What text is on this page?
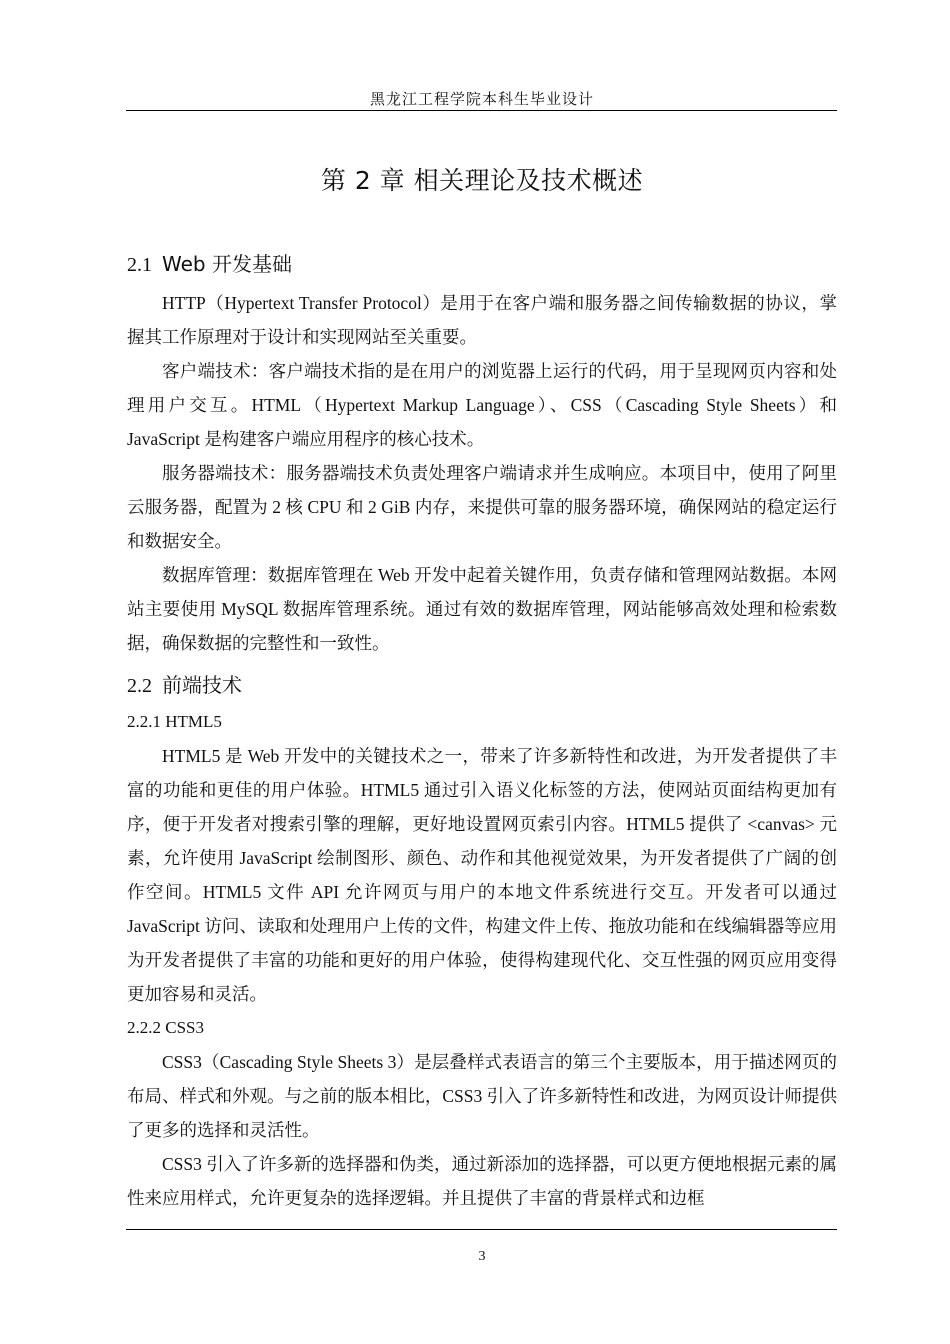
黑龙江工程学院本科生毕业设计
第 2 章 相关理论及技术概述
2.1 Web 开发基础

HTTP（Hypertext Transfer Protocol）是用于在客户端和服务器之间传输数据的协议，掌握其工作原理对于设计和实现网站至关重要。

客户端技术：客户端技术指的是在用户的浏览器上运行的代码，用于呈现网页内容和处理用户交互。HTML（Hypertext Markup Language）、CSS（Cascading Style Sheets）和 JavaScript 是构建客户端应用程序的核心技术。

服务器端技术：服务器端技术负责处理客户端请求并生成响应。本项目中，使用了阿里云服务器，配置为 2 核 CPU 和 2 GiB 内存，来提供可靠的服务器环境，确保网站的稳定运行和数据安全。

数据库管理：数据库管理在 Web 开发中起着关键作用，负责存储和管理网站数据。本网站主要使用 MySQL 数据库管理系统。通过有效的数据库管理，网站能够高效处理和检索数据，确保数据的完整性和一致性。

2.2 前端技术
2.2.1 HTML5

HTML5 是 Web 开发中的关键技术之一，带来了许多新特性和改进，为开发者提供了丰富的功能和更佳的用户体验。HTML5 通过引入语义化标签的方法，使网站页面结构更加有序，便于开发者对搜索引擎的理解，更好地设置网页索引内容。HTML5 提供了 <canvas> 元素，允许使用 JavaScript 绘制图形、颜色、动作和其他视觉效果，为开发者提供了广阔的创作空间。HTML5 文件 API 允许网页与用户的本地文件系统进行交互。开发者可以通过 JavaScript 访问、读取和处理用户上传的文件，构建文件上传、拖放功能和在线编辑器等应用为开发者提供了丰富的功能和更好的用户体验，使得构建现代化、交互性强的网页应用变得更加容易和灵活。

2.2.2 CSS3

CSS3（Cascading Style Sheets 3）是层叠样式表语言的第三个主要版本，用于描述网页的布局、样式和外观。与之前的版本相比，CSS3 引入了许多新特性和改进，为网页设计师提供了更多的选择和灵活性。

CSS3 引入了许多新的选择器和伪类，通过新添加的选择器，可以更方便地根据元素的属性来应用样式，允许更复杂的选择逻辑。并且提供了丰富的背景样式和边框

3
